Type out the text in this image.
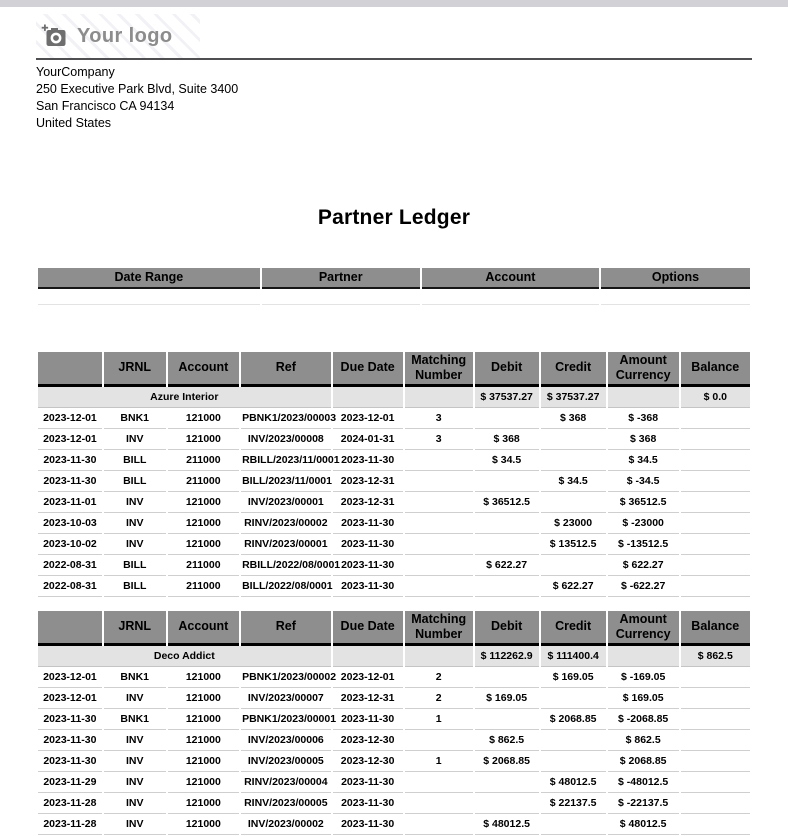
Your logo
YourCompany
250 Executive Park Blvd, Suite 3400
San Francisco CA 94134
United States
Partner Ledger
Date Range	Partner	Account	Options

	JRNL	Account	Ref	Due Date	Matching Number	Debit	Credit	Amount Currency	Balance
Azure Interior						$ 37537.27	$ 37537.27		$ 0.0
2023-12-01	BNK1	121000	PBNK1/2023/00003	2023-12-01	3		$ 368	$ -368	
2023-12-01	INV	121000	INV/2023/00008	2024-01-31	3	$ 368		$ 368	
2023-11-30	BILL	211000	RBILL/2023/11/0001	2023-11-30		$ 34.5		$ 34.5	
2023-11-30	BILL	211000	BILL/2023/11/0001	2023-12-31			$ 34.5	$ -34.5	
2023-11-01	INV	121000	INV/2023/00001	2023-12-31		$ 36512.5		$ 36512.5	
2023-10-03	INV	121000	RINV/2023/00002	2023-11-30			$ 23000	$ -23000	
2023-10-02	INV	121000	RINV/2023/00001	2023-11-30			$ 13512.5	$ -13512.5	
2022-08-31	BILL	211000	RBILL/2022/08/0001	2023-11-30		$ 622.27		$ 622.27	
2022-08-31	BILL	211000	BILL/2022/08/0001	2023-11-30			$ 622.27	$ -622.27	
	JRNL	Account	Ref	Due Date	Matching Number	Debit	Credit	Amount Currency	Balance
Deco Addict						$ 112262.9	$ 111400.4		$ 862.5
2023-12-01	BNK1	121000	PBNK1/2023/00002	2023-12-01	2		$ 169.05	$ -169.05	
2023-12-01	INV	121000	INV/2023/00007	2023-12-31	2	$ 169.05		$ 169.05	
2023-11-30	BNK1	121000	PBNK1/2023/00001	2023-11-30	1		$ 2068.85	$ -2068.85	
2023-11-30	INV	121000	INV/2023/00006	2023-12-30		$ 862.5		$ 862.5	
2023-11-30	INV	121000	INV/2023/00005	2023-12-30	1	$ 2068.85		$ 2068.85	
2023-11-29	INV	121000	RINV/2023/00004	2023-11-30			$ 48012.5	$ -48012.5	
2023-11-28	INV	121000	RINV/2023/00005	2023-11-30			$ 22137.5	$ -22137.5	
2023-11-28	INV	121000	INV/2023/00002	2023-11-30		$ 48012.5		$ 48012.5	
